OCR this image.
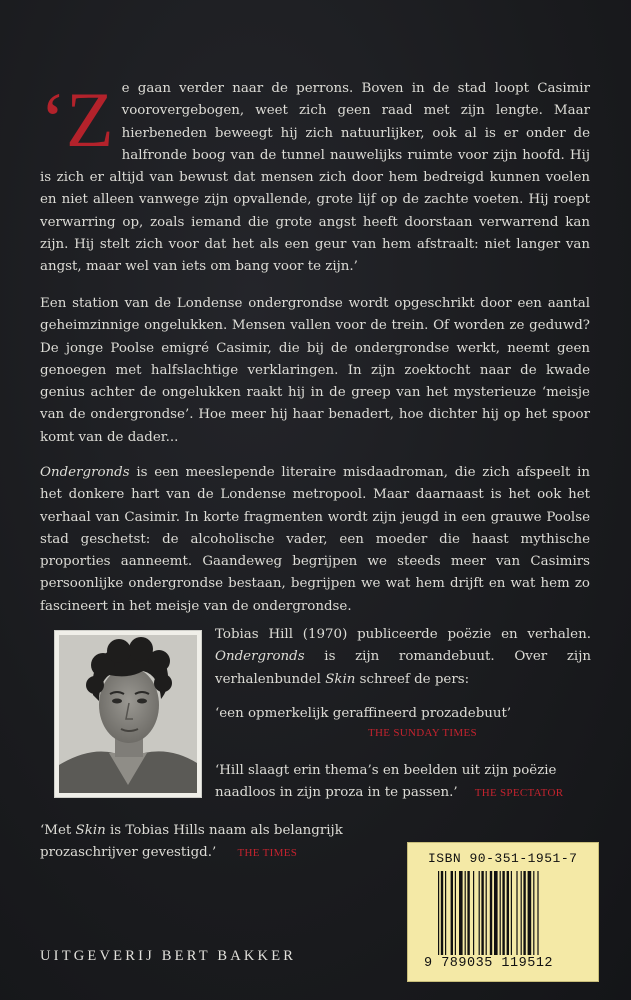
‘Ze gaan verder naar de perrons. Boven in de stad loopt Casimir voorovergebogen, weet zich geen raad met zijn lengte. Maar hierbeneden beweegt hij zich natuurlijker, ook al is er onder de halfronde boog van de tunnel nauwelijks ruimte voor zijn hoofd. Hij is zich er altijd van bewust dat mensen zich door hem bedreigd kunnen voelen en niet alleen vanwege zijn opvallende, grote lijf op de zachte voeten. Hij roept verwarring op, zoals iemand die grote angst heeft doorstaan verwarrend kan zijn. Hij stelt zich voor dat het als een geur van hem afstraalt: niet langer van angst, maar wel van iets om bang voor te zijn.’
Een station van de Londense ondergrondse wordt opgeschrikt door een aantal geheimzinnige ongelukken. Mensen vallen voor de trein. Of worden ze geduwd? De jonge Poolse emigré Casimir, die bij de ondergrondse werkt, neemt geen genoegen met halfslachtige verklaringen. In zijn zoektocht naar de kwade genius achter de ongelukken raakt hij in de greep van het mysterieuze ‘meisje van de ondergrondse’. Hoe meer hij haar benadert, hoe dichter hij op het spoor komt van de dader...
Ondergronds is een meeslepende literaire misdaadroman, die zich afspeelt in het donkere hart van de Londense metropool. Maar daarnaast is het ook het verhaal van Casimir. In korte fragmenten wordt zijn jeugd in een grauwe Poolse stad geschetst: de alcoholische vader, een moeder die haast mythische proporties aanneemt. Gaandeweg begrijpen we steeds meer van Casimirs persoonlijke ondergrondse bestaan, begrijpen we wat hem drijft en wat hem zo fascineert in het meisje van de ondergrondse.
Tobias Hill (1970) publiceerde poëzie en verhalen. Ondergronds is zijn romandebuut. Over zijn verhalenbundel Skin schreef de pers:
‘een opmerkelijk geraffineerd prozadebuut’
THE SUNDAY TIMES
‘Hill slaagt erin thema’s en beelden uit zijn poëzie naadloos in zijn proza in te passen.’ THE SPECTATOR
‘Met Skin is Tobias Hills naam als belangrijk prozaschrijver gevestigd.’ THE TIMES
UITGEVERIJ BERT BAKKER
ISBN 90-351-1951-7
9 789035 119512
